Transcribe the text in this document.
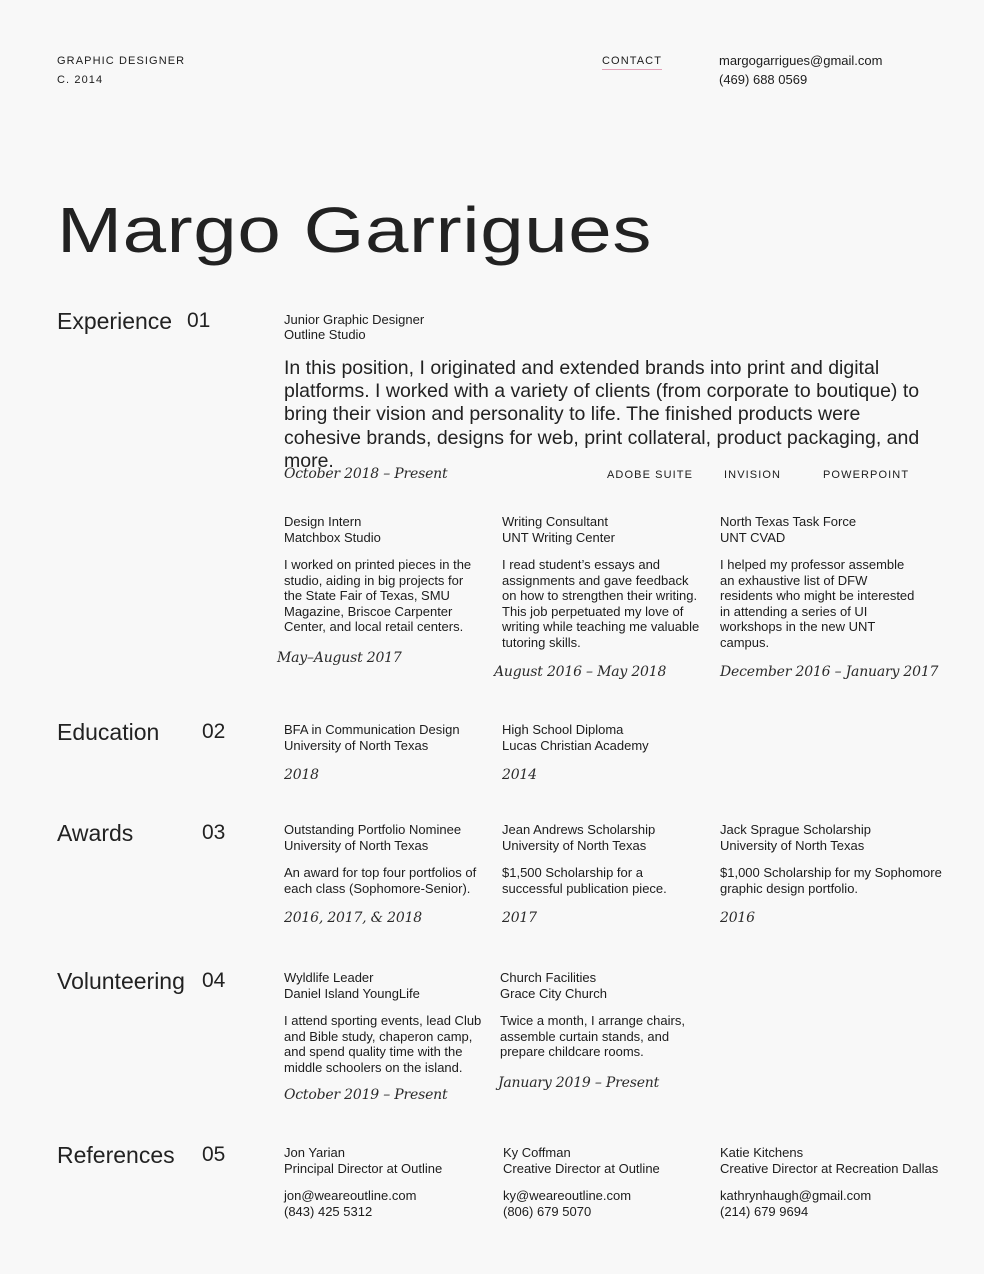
GRAPHIC DESIGNER
C. 2014
CONTACT	margogarrigues@gmail.com
(469) 688 0569
Margo Garrigues
Experience 01
Education 02
Awards	03
Volunteering 04
References 05
Junior Graphic Designer
Outline Studio
In this position, I originated and extended brands into print and digital platforms. I worked with a variety of clients (from corporate to boutique) to bring their vision and personality to life. The finished products were cohesive brands, designs for web, print collateral, product packaging, and more.
October 2018 – Present	ADOBE SUITE	INVISION	POWERPOINT
Design Intern
Matchbox Studio
I worked on printed pieces in the studio, aiding in big projects for the State Fair of Texas, SMU Magazine, Briscoe Carpenter Center, and local retail centers.
May–August 2017
Writing Consultant
UNT Writing Center
I read student’s essays and assignments and gave feedback on how to strengthen their writing. This job perpetuated my love of writing while teaching me valuable tutoring skills.
August 2016 – May 2018
North Texas Task Force
UNT CVAD
I helped my professor assemble an exhaustive list of DFW residents who might be interested in attending a series of UI workshops in the new UNT campus.
December 2016 – January 2017
BFA in Communication Design
University of North Texas
2018
High School Diploma
Lucas Christian Academy
2014
Outstanding Portfolio Nominee
University of North Texas
An award for top four portfolios of each class (Sophomore-Senior).
2016, 2017, & 2018
Jean Andrews Scholarship
University of North Texas
$1,500 Scholarship for a successful publication piece.
2017
Jack Sprague Scholarship
University of North Texas
$1,000 Scholarship for my Sophomore graphic design portfolio.
2016
Wyldlife Leader
Daniel Island YoungLife
I attend sporting events, lead Club and Bible study, chaperon camp, and spend quality time with the middle schoolers on the island.
October 2019 – Present
Church Facilities
Grace City Church
Twice a month, I arrange chairs, assemble curtain stands, and prepare childcare rooms.
January 2019 – Present
Jon Yarian
Principal Director at Outline
jon@weareoutline.com
(843) 425 5312
Ky Coffman
Creative Director at Outline
ky@weareoutline.com
(806) 679 5070
Katie Kitchens
Creative Director at Recreation Dallas
kathrynhaugh@gmail.com
(214) 679 9694
